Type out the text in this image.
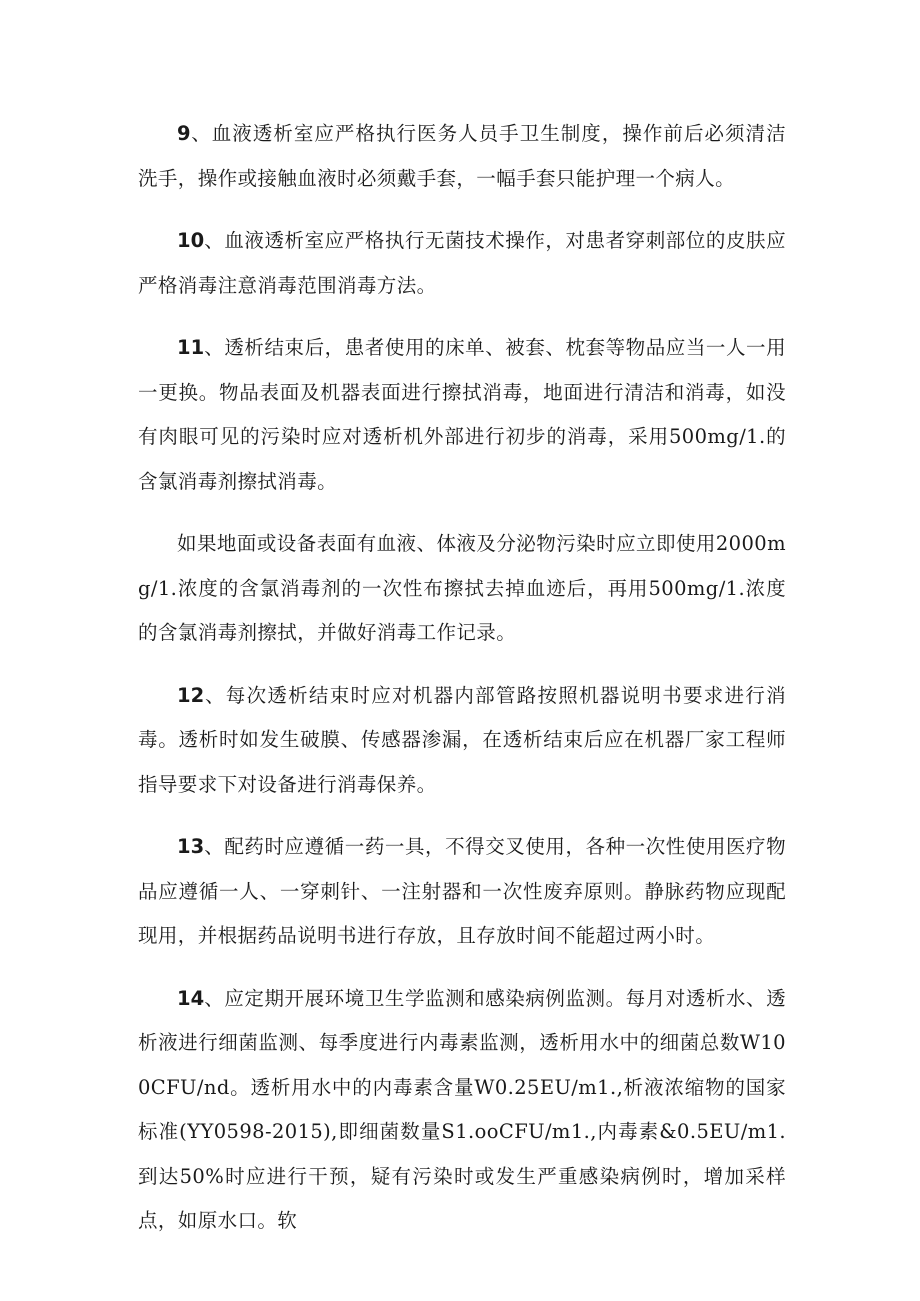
9、血液透析室应严格执行医务人员手卫生制度，操作前后必须清洁洗手，操作或接触血液时必须戴手套，一幅手套只能护理一个病人。

10、血液透析室应严格执行无菌技术操作，对患者穿刺部位的皮肤应严格消毒注意消毒范围消毒方法。

11、透析结束后，患者使用的床单、被套、枕套等物品应当一人一用一更换。物品表面及机器表面进行擦拭消毒，地面进行清洁和消毒，如没有肉眼可见的污染时应对透析机外部进行初步的消毒，采用500mg∕1.的含氯消毒剂擦拭消毒。

如果地面或设备表面有血液、体液及分泌物污染时应立即使用2000mg/1.浓度的含氯消毒剂的一次性布擦拭去掉血迹后，再用500mg∕1.浓度的含氯消毒剂擦拭，并做好消毒工作记录。

12、每次透析结束时应对机器内部管路按照机器说明书要求进行消毒。透析时如发生破膜、传感器渗漏，在透析结束后应在机器厂家工程师指导要求下对设备进行消毒保养。

13、配药时应遵循一药一具，不得交叉使用，各种一次性使用医疗物品应遵循一人、一穿刺针、一注射器和一次性废弃原则。静脉药物应现配现用，并根据药品说明书进行存放，且存放时间不能超过两小时。

14、应定期开展环境卫生学监测和感染病例监测。每月对透析水、透析液进行细菌监测、每季度进行内毒素监测，透析用水中的细菌总数W100CFU/nd。透析用水中的内毒素含量W0.25EU∕m1.,析液浓缩物的国家标准(YY0598-2015),即细菌数量S1.ooCFU/m1.,内毒素&0.5EU∕m1.到达50%时应进行干预，疑有污染时或发生严重感染病例时，增加采样点，如原水口。软
